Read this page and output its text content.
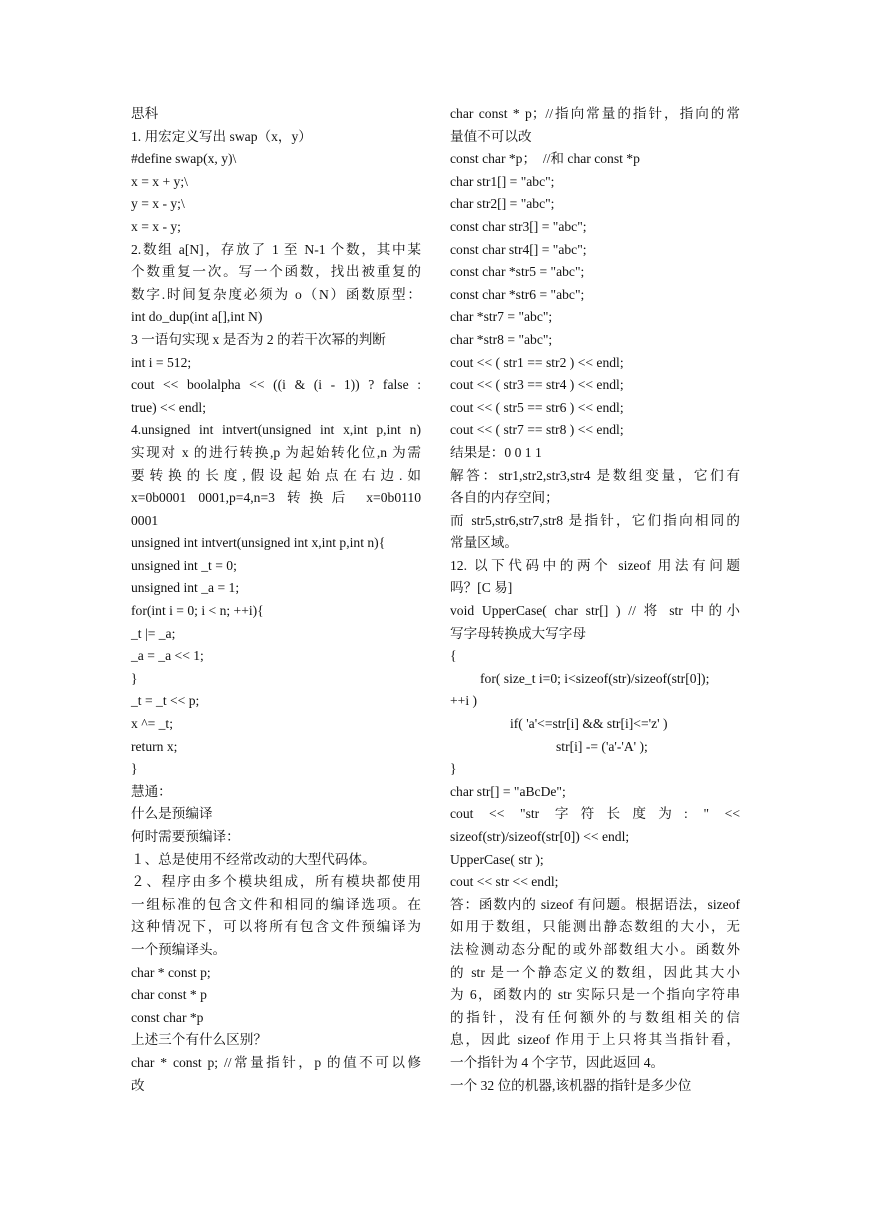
思科
1. 用宏定义写出 swap（x，y）
#define swap(x, y)\
x = x + y;\
y = x - y;\
x = x - y;
2.数组 a[N]，存放了 1 至 N-1 个数，其中某
个数重复一次。写一个函数，找出被重复的
数字.时间复杂度必须为 o（N）函数原型：
int do_dup(int a[],int N)
3 一语句实现 x 是否为 2 的若干次幂的判断
int i = 512;
cout << boolalpha << ((i & (i - 1)) ? false :
true) << endl;
4.unsigned int intvert(unsigned int x,int p,int n)
实现对 x 的进行转换,p 为起始转化位,n 为需
要转换的长度,假设起始点在右边.如
x=0b0001 0001,p=4,n=3 转换后 x=0b0110
0001
unsigned int intvert(unsigned int x,int p,int n){
unsigned int _t = 0;
unsigned int _a = 1;
for(int i = 0; i < n; ++i){
_t |= _a;
_a = _a << 1;
}
_t = _t << p;
x ^= _t;
return x;
}
慧通：
什么是预编译
何时需要预编译：
１、总是使用不经常改动的大型代码体。
２、程序由多个模块组成，所有模块都使用
一组标准的包含文件和相同的编译选项。在
这种情况下，可以将所有包含文件预编译为
一个预编译头。
char * const p;
char const * p
const char *p
上述三个有什么区别？
char * const p; //常量指针，p 的值不可以修
改
char const * p；//指向常量的指针，指向的常
量值不可以改
const char *p；  //和 char const *p
char str1[] = "abc";
char str2[] = "abc";
const char str3[] = "abc";
const char str4[] = "abc";
const char *str5 = "abc";
const char *str6 = "abc";
char *str7 = "abc";
char *str8 = "abc";
cout << ( str1 == str2 ) << endl;
cout << ( str3 == str4 ) << endl;
cout << ( str5 == str6 ) << endl;
cout << ( str7 == str8 ) << endl;
结果是：0 0 1 1
解答：str1,str2,str3,str4 是数组变量，它们有
各自的内存空间；
而 str5,str6,str7,str8 是指针，它们指向相同的
常量区域。
12. 以下代码中的两个 sizeof 用法有问题
吗？[C 易]
void UpperCase( char str[] ) // 将 str 中的小
写字母转换成大写字母
{
for( size_t i=0; i<sizeof(str)/sizeof(str[0]);
++i )
if( 'a'<=str[i] && str[i]<='z' )
str[i] -= ('a'-'A' );
}
char str[] = "aBcDe";
cout << "str 字符长度为: " <<
sizeof(str)/sizeof(str[0]) << endl;
UpperCase( str );
cout << str << endl;
答：函数内的 sizeof 有问题。根据语法，sizeof
如用于数组，只能测出静态数组的大小，无
法检测动态分配的或外部数组大小。函数外
的 str 是一个静态定义的数组，因此其大小
为 6，函数内的 str 实际只是一个指向字符串
的指针，没有任何额外的与数组相关的信
息，因此 sizeof 作用于上只将其当指针看，
一个指针为 4 个字节，因此返回 4。
一个 32 位的机器,该机器的指针是多少位
